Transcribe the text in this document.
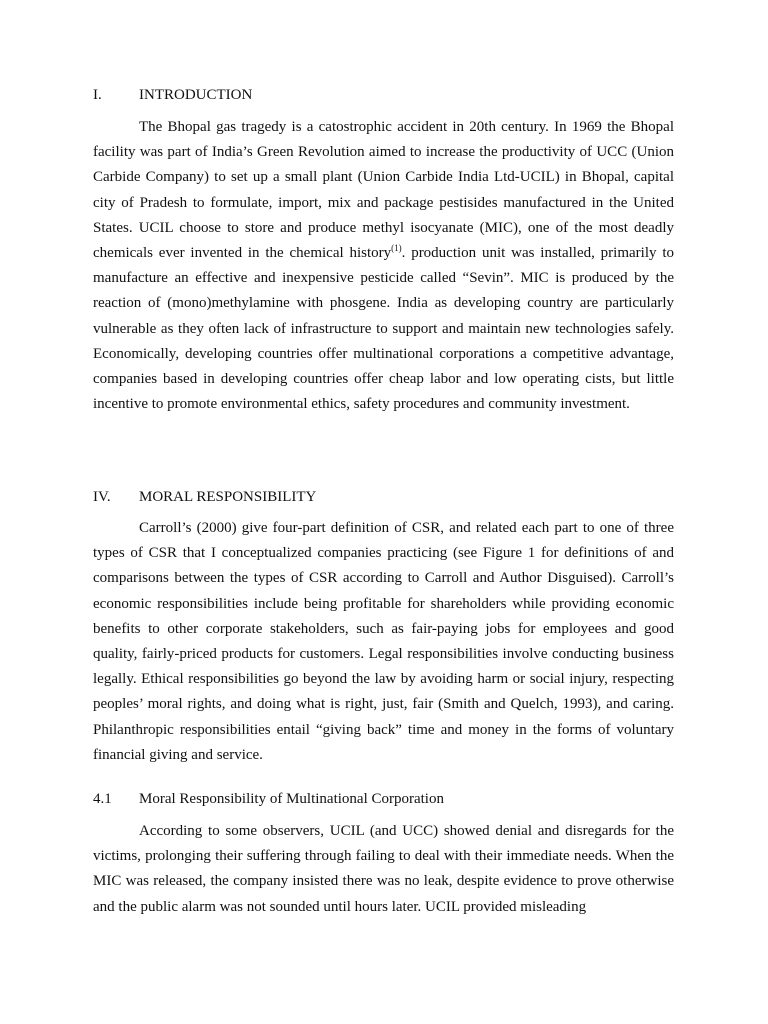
I. INTRODUCTION

The Bhopal gas tragedy is a catostrophic accident in 20th century. In 1969 the Bhopal facility was part of India’s Green Revolution aimed to increase the productivity of UCC (Union Carbide Company) to set up a small plant (Union Carbide India Ltd-UCIL) in Bhopal, capital city of Pradesh to formulate, import, mix and package pestisides manufactured in the United States. UCIL choose to store and produce methyl isocyanate (MIC), one of the most deadly chemicals ever invented in the chemical history$^{(1)}$. production unit was installed, primarily to manufacture an effective and inexpensive pesticide called “Sevin”. MIC is produced by the reaction of (mono)methylamine with phosgene. India as developing country are particularly vulnerable as they often lack of infrastructure to support and maintain new technologies safely. Economically, developing countries offer multinational corporations a competitive advantage, companies based in developing countries offer cheap labor and low operating cists, but little incentive to promote environmental ethics, safety procedures and community investment.

IV. MORAL RESPONSIBILITY

Carroll’s (2000) give four-part definition of CSR, and related each part to one of three types of CSR that I conceptualized companies practicing (see Figure 1 for definitions of and comparisons between the types of CSR according to Carroll and Author Disguised). Carroll’s economic responsibilities include being profitable for shareholders while providing economic benefits to other corporate stakeholders, such as fair-paying jobs for employees and good quality, fairly-priced products for customers. Legal responsibilities involve conducting business legally. Ethical responsibilities go beyond the law by avoiding harm or social injury, respecting peoples’ moral rights, and doing what is right, just, fair (Smith and Quelch, 1993), and caring. Philanthropic responsibilities entail “giving back” time and money in the forms of voluntary financial giving and service.

4.1 Moral Responsibility of Multinational Corporation

According to some observers, UCIL (and UCC) showed denial and disregards for the victims, prolonging their suffering through failing to deal with their immediate needs. When the MIC was released, the company insisted there was no leak, despite evidence to prove otherwise and the public alarm was not sounded until hours later. UCIL provided misleading
